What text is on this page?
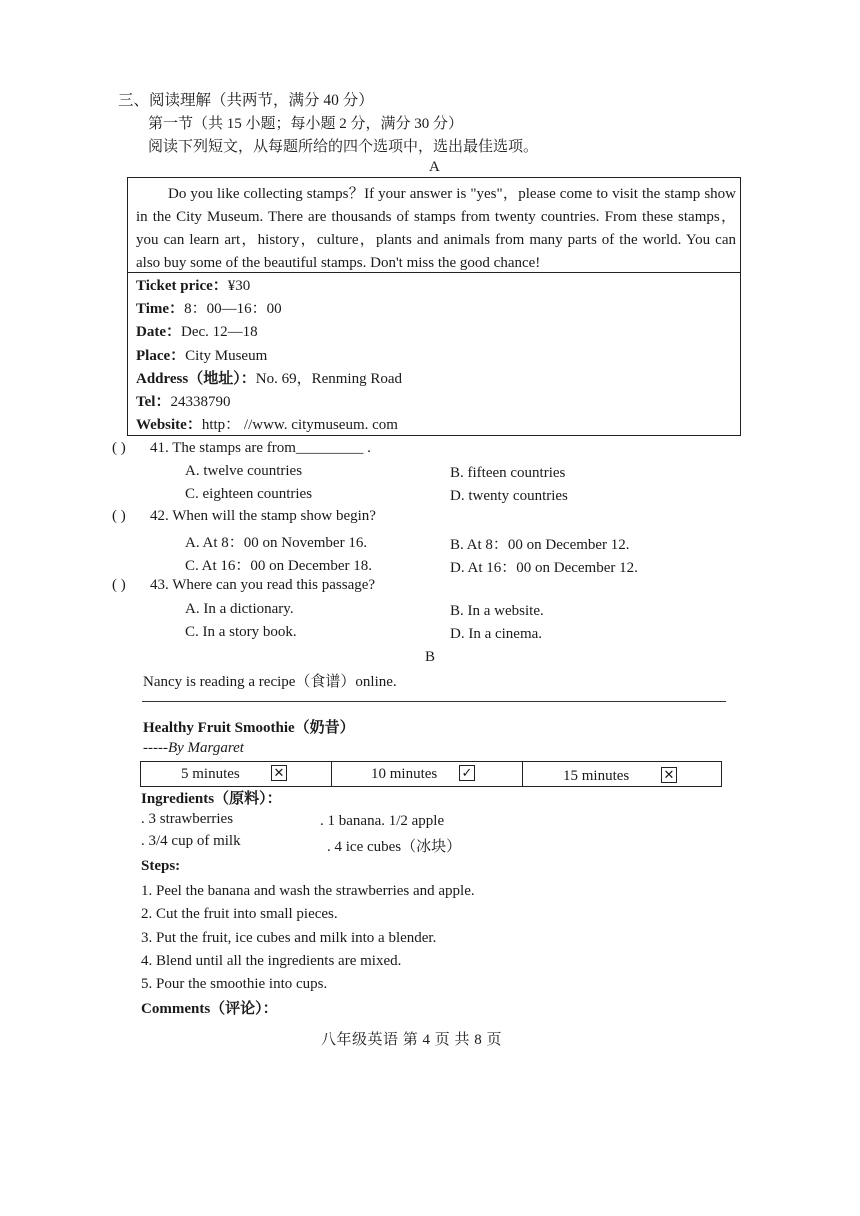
三、阅读理解（共两节，满分 40 分）
第一节（共 15 小题；每小题 2 分，满分 30 分）
阅读下列短文，从每题所给的四个选项中，选出最佳选项。
A

Do you like collecting stamps？If your answer is "yes"，please come to visit the stamp show in the City Museum. There are thousands of stamps from twenty countries. From these stamps，you can learn art，history，culture，plants and animals from many parts of the world. You can also buy some of the beautiful stamps. Don't miss the good chance!

Ticket price：¥30
Time：8：00—16：00
Date：Dec. 12—18
Place：City Museum
Address（地址）：No. 69，Renming Road
Tel：24338790
Website：http： //www. citymuseum. com
( ) 41. The stamps are from_________ .
A. twelve countries	B. fifteen countries
C. eighteen countries	D. twenty countries
( ) 42. When will the stamp show begin?
A. At 8：00 on November 16.	B. At 8：00 on December 12.
C. At 16：00 on December 18.	D. At 16：00 on December 12.
( ) 43. Where can you read this passage?
A. In a dictionary.	B. In a website.
C. In a story book.	D. In a cinema.
B
Nancy is reading a recipe（食谱）online.
Healthy Fruit Smoothie（奶昔）
-----By Margaret
5 minutes	✕	10 minutes ✓	15 minutes	✕
Ingredients（原料）：
. 3 strawberries	. 1 banana. 1/2 apple
. 3/4 cup of milk	. 4 ice cubes（冰块）
Steps:
1. Peel the banana and wash the strawberries and apple.
2. Cut the fruit into small pieces.
3. Put the fruit, ice cubes and milk into a blender.
4. Blend until all the ingredients are mixed.
5. Pour the smoothie into cups.
Comments（评论）：
八年级英语 第 4 页 共 8 页
